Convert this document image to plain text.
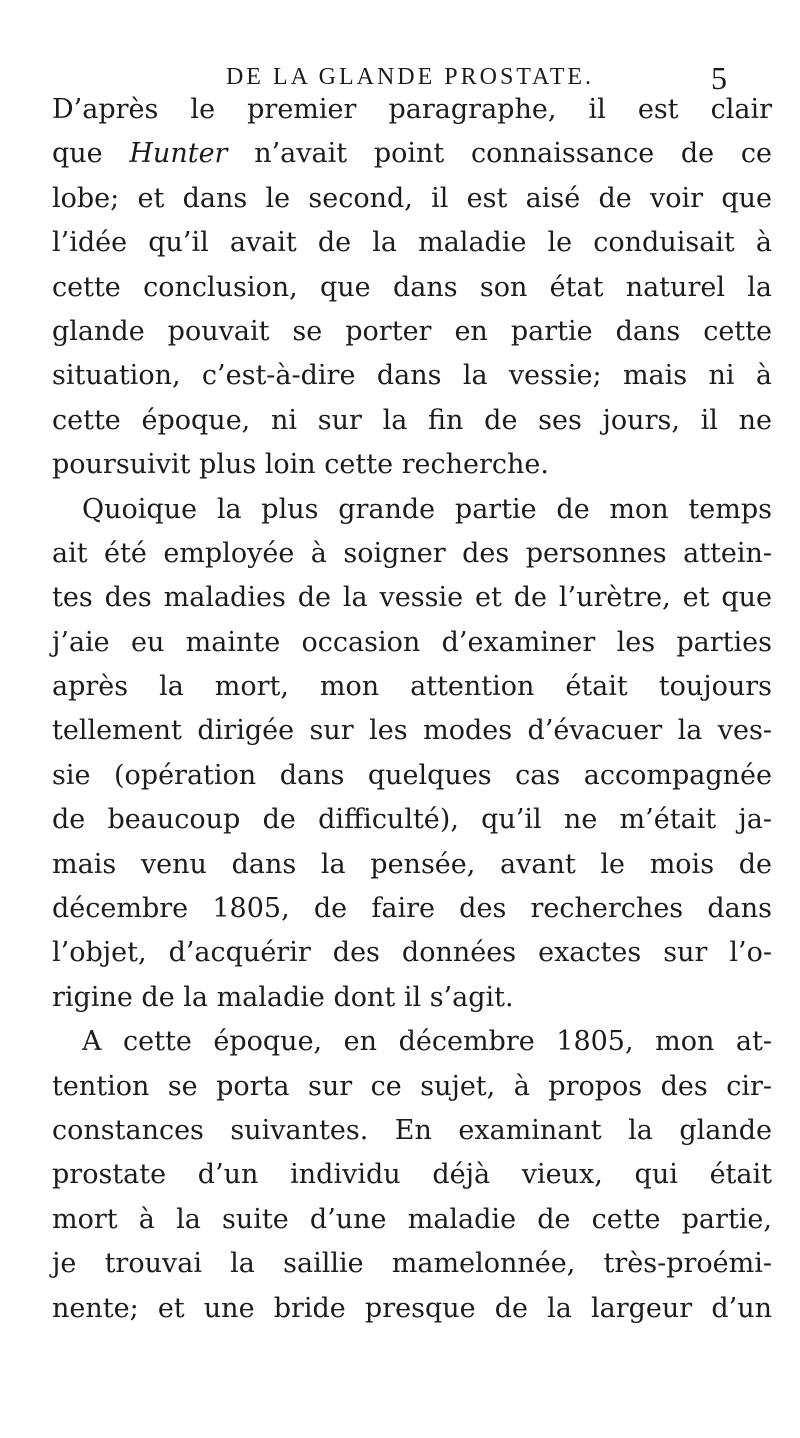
DE LA GLANDE PROSTATE.	5
D’après le premier paragraphe, il est clair
que Hunter n’avait point connaissance de ce
lobe; et dans le second, il est aisé de voir que
l’idée qu’il avait de la maladie le conduisait à
cette conclusion, que dans son état naturel la
glande pouvait se porter en partie dans cette
situation, c’est-à-dire dans la vessie; mais ni à
cette époque, ni sur la fin de ses jours, il ne
poursuivit plus loin cette recherche.
Quoique la plus grande partie de mon temps
ait été employée à soigner des personnes attein-
tes des maladies de la vessie et de l’urètre, et que
j’aie eu mainte occasion d’examiner les parties
après la mort, mon attention était toujours
tellement dirigée sur les modes d’évacuer la ves-
sie (opération dans quelques cas accompagnée
de beaucoup de difficulté), qu’il ne m’était ja-
mais venu dans la pensée, avant le mois de
décembre 1805, de faire des recherches dans
l’objet, d’acquérir des données exactes sur l’o-
rigine de la maladie dont il s’agit.
A cette époque, en décembre 1805, mon at-
tention se porta sur ce sujet, à propos des cir-
constances suivantes. En examinant la glande
prostate d’un individu déjà vieux, qui était
mort à la suite d’une maladie de cette partie,
je trouvai la saillie mamelonnée, très-proémi-
nente; et une bride presque de la largeur d’un
